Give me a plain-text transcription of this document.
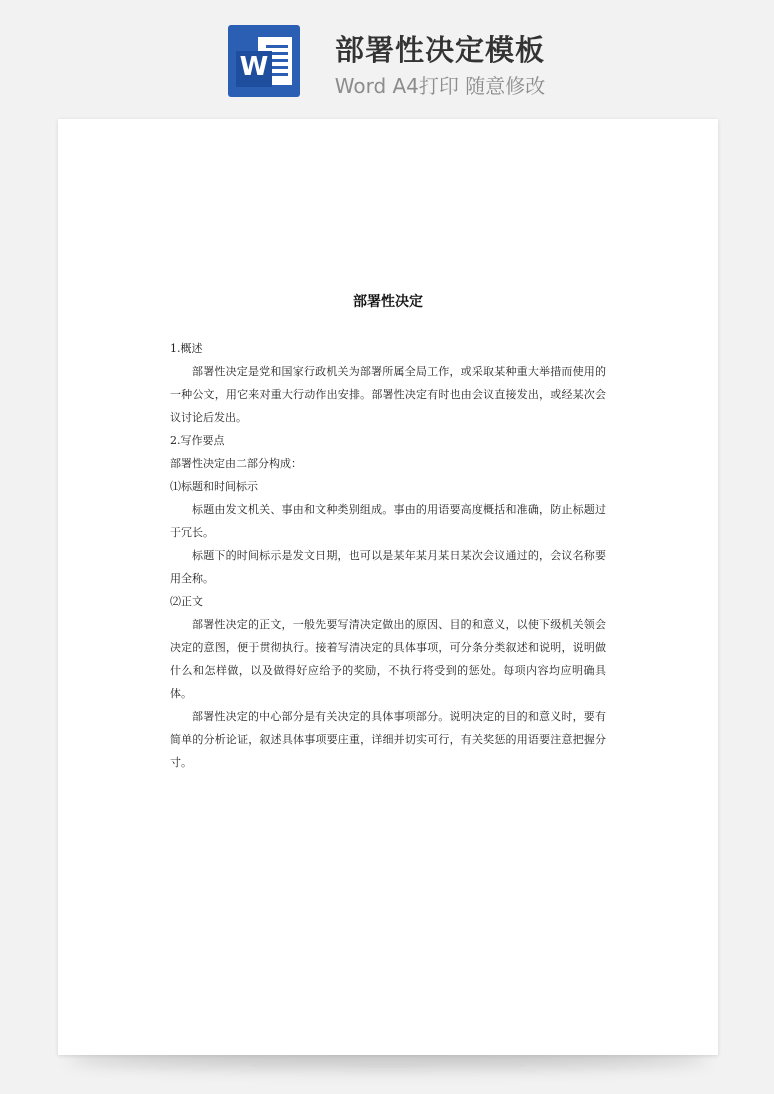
W	部署性决定模板
Word A4打印 随意修改
部署性决定

1.概述

部署性决定是党和国家行政机关为部署所属全局工作，或采取某种重大举措而使用的一种公文，用它来对重大行动作出安排。部署性决定有时也由会议直接发出，或经某次会议讨论后发出。

2.写作要点

部署性决定由二部分构成：

⑴标题和时间标示

标题由发文机关、事由和文种类别组成。事由的用语要高度概括和准确，防止标题过于冗长。

标题下的时间标示是发文日期，也可以是某年某月某日某次会议通过的，会议名称要用全称。

⑵正文

部署性决定的正文，一般先要写清决定做出的原因、目的和意义，以使下级机关领会决定的意图，便于贯彻执行。接着写清决定的具体事项，可分条分类叙述和说明，说明做什么和怎样做，以及做得好应给予的奖励，不执行将受到的惩处。每项内容均应明确具体。

部署性决定的中心部分是有关决定的具体事项部分。说明决定的目的和意义时，要有简单的分析论证，叙述具体事项要庄重，详细并切实可行，有关奖惩的用语要注意把握分寸。
